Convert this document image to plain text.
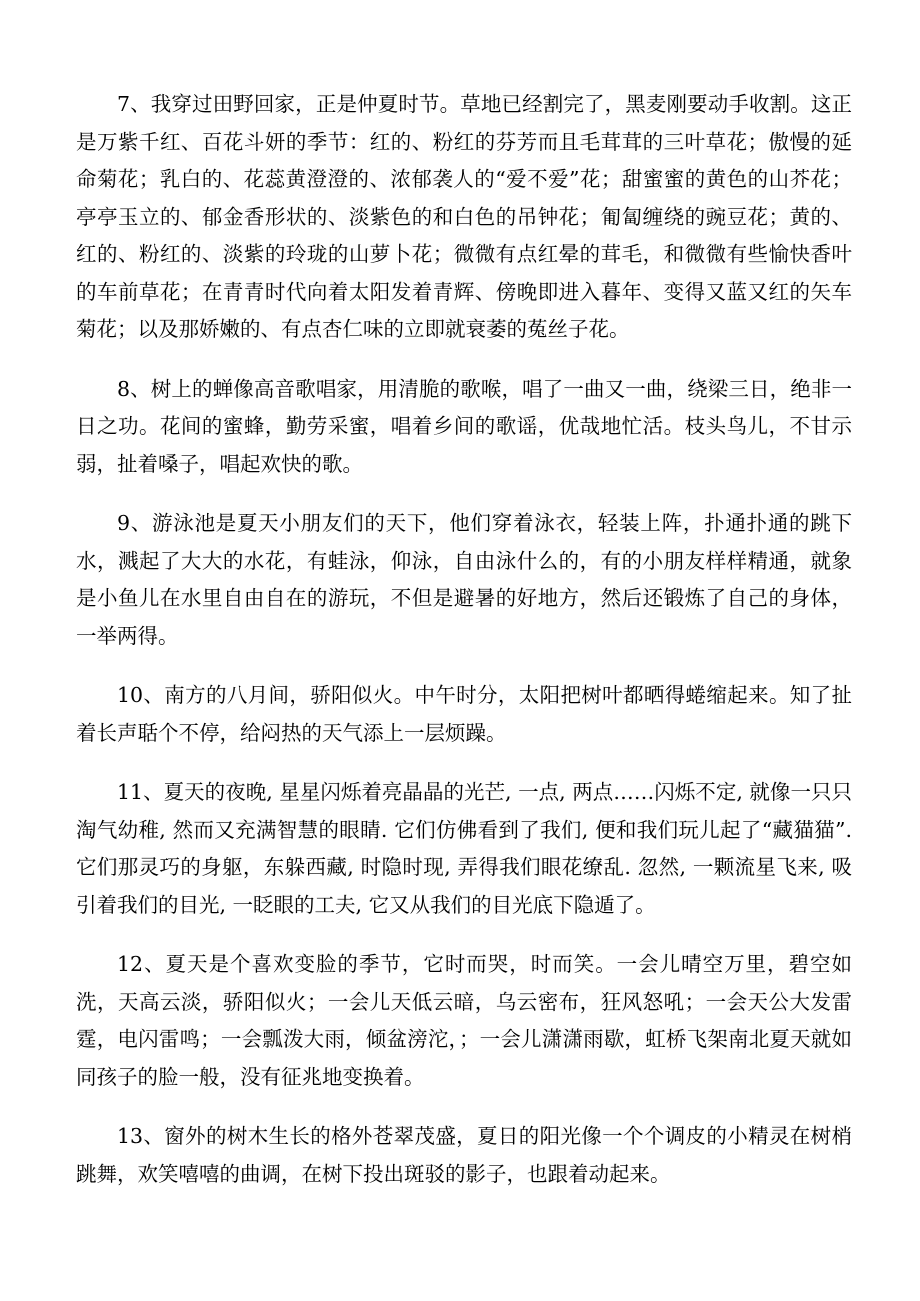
7、我穿过田野回家，正是仲夏时节。草地已经割完了，黑麦刚要动手收割。这正是万紫千红、百花斗妍的季节：红的、粉红的芬芳而且毛茸茸的三叶草花；傲慢的延命菊花；乳白的、花蕊黄澄澄的、浓郁袭人的“爱不爱”花；甜蜜蜜的黄色的山芥花；亭亭玉立的、郁金香形状的、淡紫色的和白色的吊钟花；匍匐缠绕的豌豆花；黄的、红的、粉红的、淡紫的玲珑的山萝卜花；微微有点红晕的茸毛，和微微有些愉快香叶的车前草花；在青青时代向着太阳发着青辉、傍晚即进入暮年、变得又蓝又红的矢车菊花；以及那娇嫩的、有点杏仁味的立即就衰萎的菟丝子花。

8、树上的蝉像高音歌唱家，用清脆的歌喉，唱了一曲又一曲，绕梁三日，绝非一日之功。花间的蜜蜂，勤劳采蜜，唱着乡间的歌谣，优哉地忙活。枝头鸟儿，不甘示弱，扯着嗓子，唱起欢快的歌。

9、游泳池是夏天小朋友们的天下，他们穿着泳衣，轻装上阵，扑通扑通的跳下水，溅起了大大的水花，有蛙泳，仰泳，自由泳什么的，有的小朋友样样精通，就象是小鱼儿在水里自由自在的游玩，不但是避暑的好地方，然后还锻炼了自己的身体，一举两得。

10、南方的八月间，骄阳似火。中午时分，太阳把树叶都晒得蜷缩起来。知了扯着长声聒个不停，给闷热的天气添上一层烦躁。

11、夏天的夜晚, 星星闪烁着亮晶晶的光芒, 一点, 两点……闪烁不定, 就像一只只淘气幼稚, 然而又充满智慧的眼睛. 它们仿佛看到了我们, 便和我们玩儿起了“藏猫猫”. 它们那灵巧的身躯，东躲西藏, 时隐时现, 弄得我们眼花缭乱. 忽然, 一颗流星飞来, 吸引着我们的目光, 一眨眼的工夫, 它又从我们的目光底下隐遁了。

12、夏天是个喜欢变脸的季节，它时而哭，时而笑。一会儿晴空万里，碧空如洗，天高云淡，骄阳似火；一会儿天低云暗，乌云密布，狂风怒吼；一会天公大发雷霆，电闪雷鸣；一会瓢泼大雨，倾盆滂沱，；一会儿潇潇雨歇，虹桥飞架南北夏天就如同孩子的脸一般，没有征兆地变换着。

13、窗外的树木生长的格外苍翠茂盛，夏日的阳光像一个个调皮的小精灵在树梢跳舞，欢笑嘻嘻的曲调，在树下投出斑驳的影子，也跟着动起来。
